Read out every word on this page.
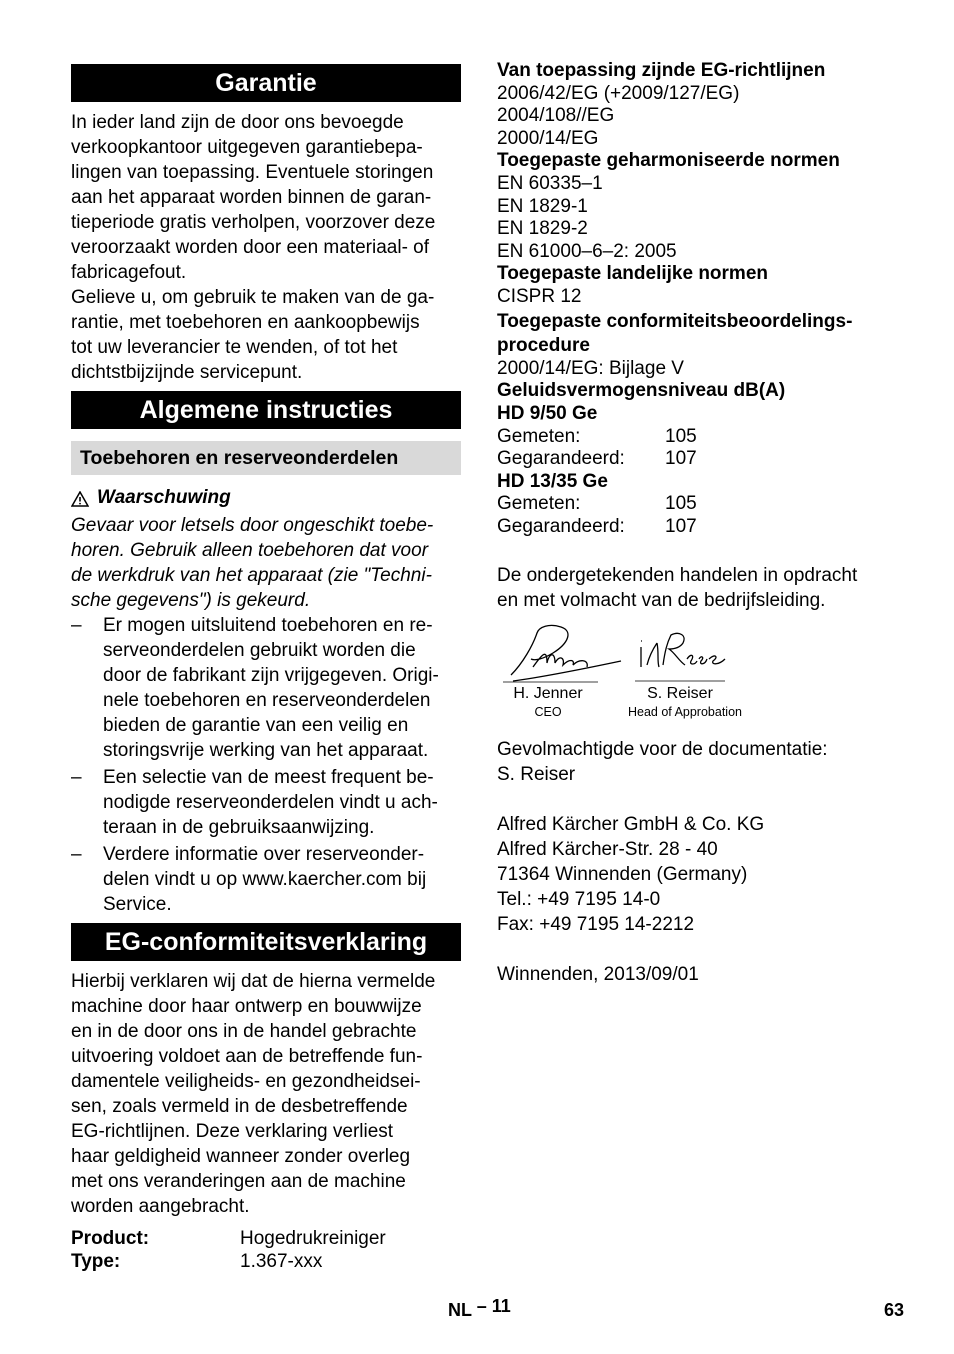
Garantie

In ieder land zijn de door ons bevoegde

verkoopkantoor uitgegeven garantiebepa-

lingen van toepassing. Eventuele storingen

aan het apparaat worden binnen de garan-

tieperiode gratis verholpen, voorzover deze

veroorzaakt worden door een materiaal- of

fabricagefout.

Gelieve u, om gebruik te maken van de ga-

rantie, met toebehoren en aankoopbewijs

tot uw leverancier te wenden, of tot het

dichtstbijzijnde servicepunt.

Algemene instructies
Toebehoren en reserveonderdelen
Waarschuwing

Gevaar voor letsels door ongeschikt toebe-

horen. Gebruik alleen toebehoren dat voor

de werkdruk van het apparaat (zie "Techni-

sche gegevens") is gekeurd.

– Er mogen uitsluitend toebehoren en re-

serveonderdelen gebruikt worden die

door de fabrikant zijn vrijgegeven. Origi-

nele toebehoren en reserveonderdelen

bieden de garantie van een veilig en

storingsvrije werking van het apparaat.

– Een selectie van de meest frequent be-

nodigde reserveonderdelen vindt u ach-

teraan in de gebruiksaanwijzing.

– Verdere informatie over reserveonder-

delen vindt u op www.kaercher.com bij

Service.

EG-conformiteitsverklaring

Hierbij verklaren wij dat de hierna vermelde

machine door haar ontwerp en bouwwijze

en in de door ons in de handel gebrachte

uitvoering voldoet aan de betreffende fun-

damentele veiligheids- en gezondheidsei-

sen, zoals vermeld in de desbetreffende

EG-richtlijnen. Deze verklaring verliest

haar geldigheid wanneer zonder overleg

met ons veranderingen aan de machine

worden aangebracht.

Product:	Hogedrukreiniger
Type:	1.367-xxx
Van toepassing zijnde EG-richtlijnen
2006/42/EG (+2009/127/EG)
2004/108//EG
2000/14/EG
Toegepaste geharmoniseerde normen
EN 60335–1
EN 1829-1
EN 1829-2
EN 61000–6–2: 2005
Toegepaste landelijke normen
CISPR 12
Toegepaste conformiteitsbeoordelings-
procedure
2000/14/EG: Bijlage V
Geluidsvermogensniveau dB(A)
HD 9/50 Ge
Gemeten:	105
Gegarandeerd:	107
HD 13/35 Ge
Gemeten:	105
Gegarandeerd:	107

De ondergetekenden handelen in opdracht

en met volmacht van de bedrijfsleiding.

H. Jenner
CEO
S. Reiser
Head of Approbation

Gevolmachtigde voor de documentatie:

S. Reiser

Alfred Kärcher GmbH & Co. KG

Alfred Kärcher-Str. 28 - 40

71364 Winnenden (Germany)

Tel.: +49 7195 14-0

Fax: +49 7195 14-2212

Winnenden, 2013/09/01

NL – 11	63
